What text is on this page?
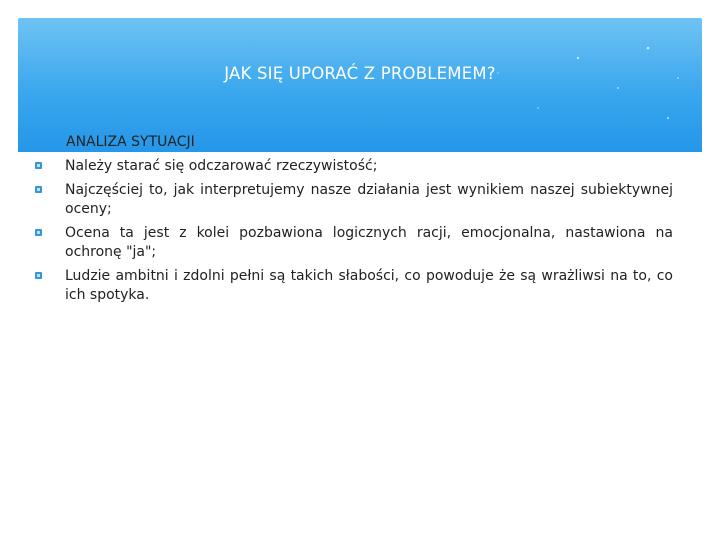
JAK SIĘ UPORAĆ Z PROBLEMEM?
I.	ANALIZA SYTUACJI
Należy starać się odczarować rzeczywistość;
Najczęściej to, jak interpretujemy nasze działania jest wynikiem naszej subiektywnej oceny;
Ocena ta jest z kolei pozbawiona logicznych racji, emocjonalna, nastawiona na ochronę "ja";
Ludzie ambitni i zdolni pełni są takich słabości, co powoduje że są wrażliwsi na to, co ich spotyka.
